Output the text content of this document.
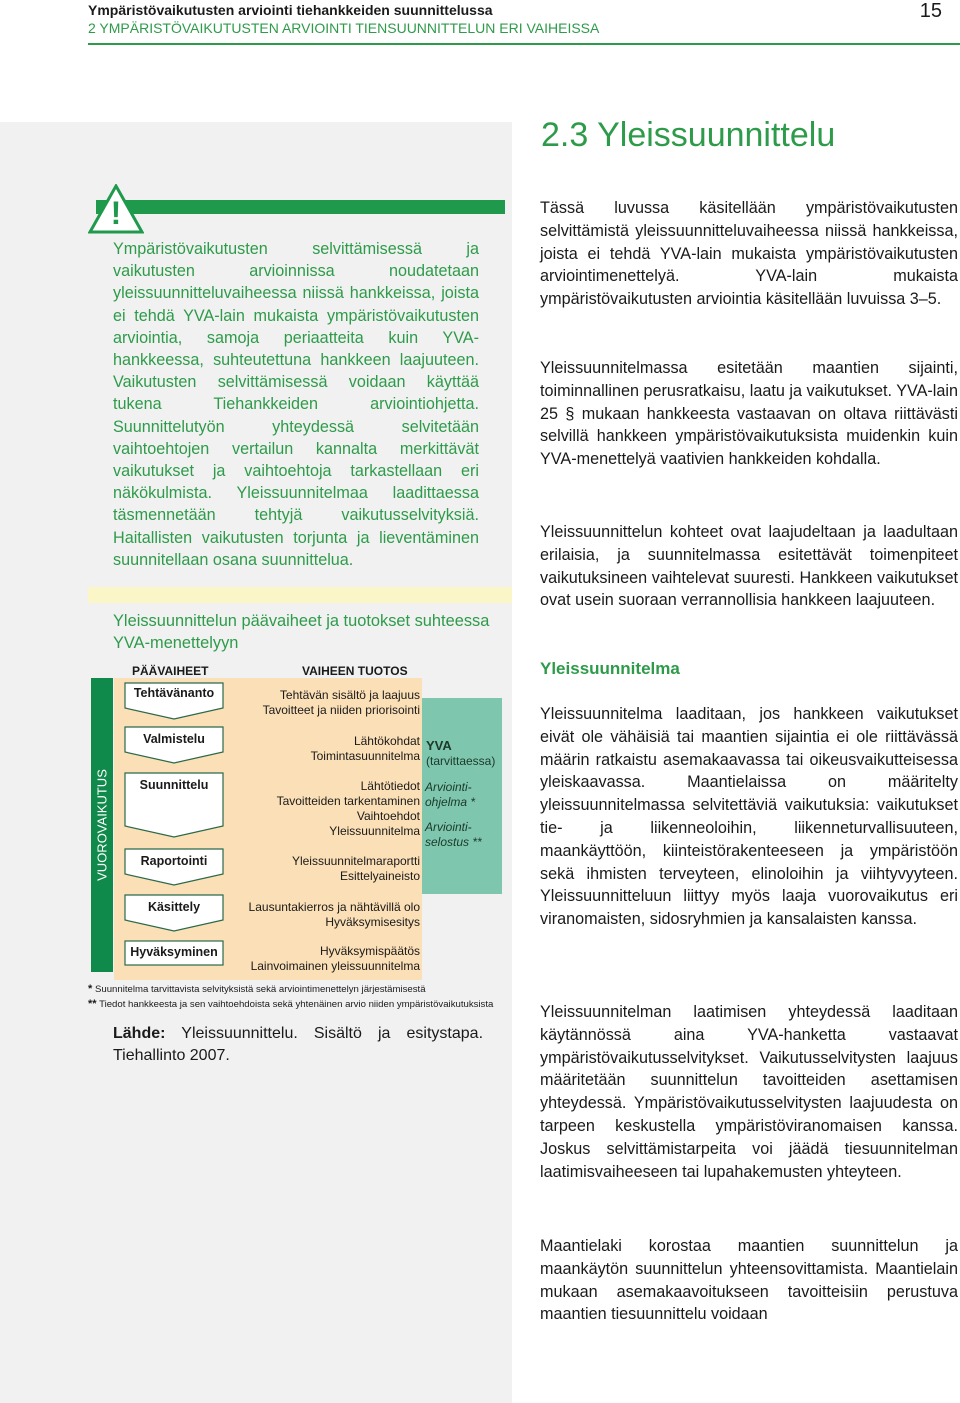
Ympäristövaikutusten arviointi tiehankkeiden suunnittelussa
2 YMPÄRISTÖVAIKUTUSTEN ARVIOINTI TIENSUUNNITTELUN ERI VAIHEISSA
15
2.3 Yleissuunnittelu
!
Ympäristövaikutusten selvittämisessä ja vaikutusten arvioinnissa noudatetaan yleissuunnitteluvaiheessa niissä hankkeissa, joista ei tehdä YVA-lain mukaista ympäristövaikutusten arviointia, samoja periaatteita kuin YVA-hankkeessa, suhteutettuna hankkeen laajuuteen. Vaikutusten selvittämisessä voidaan käyttää tukena Tiehankkeiden arviointiohjetta. Suunnittelutyön yhteydessä selvitetään vaihtoehtojen vertailun kannalta merkittävät vaikutukset ja vaihtoehtoja tarkastellaan eri näkökulmista. Yleissuunnitelmaa laadittaessa täsmennetään tehtyjä vaikutusselvityksiä. Haitallisten vaikutusten torjunta ja lieventäminen suunnitellaan osana suunnittelua.
Yleissuunnittelun päävaiheet ja tuotokset suhteessa YVA-menettelyyn
PÄÄVAIHEET	VAIHEEN TUOTOS
VUOROVAIKUTUS
YVA
(tarvittaessa)
Arviointi-
ohjelma *
Arviointi-
selostus **
Tehtävänanto	Tehtävän sisältö ja laajuus
Tavoitteet ja niiden priorisointi
Valmistelu	Lähtökohdat
Toimintasuunnitelma
Suunnittelu	Lähtötiedot
Tavoitteiden tarkentaminen
Vaihtoehdot
Yleissuunnitelma
Raportointi	Yleissuunnitelmaraportti
Esittelyaineisto
Käsittely	Lausuntakierros ja nähtävillä olo
Hyväksymisesitys
Hyväksyminen	Hyväksymispäätös
Lainvoimainen yleissuunnitelma
* Suunnitelma tarvittavista selvityksistä sekä arviointimenettelyn järjestämisestä
** Tiedot hankkeesta ja sen vaihtoehdoista sekä yhtenäinen arvio niiden ympäristövaikutuksista
Lähde: Yleissuunnittelu. Sisältö ja esitystapa. Tiehallinto 2007.
Tässä luvussa käsitellään ympäristövaikutusten selvittämistä yleissuunnitteluvaiheessa niissä hankkeissa, joista ei tehdä YVA-lain mukaista ympäristövaikutusten arviointimenettelyä. YVA-lain mukaista ympäristövaikutusten arviointia käsitellään luvuissa 3–5.
Yleissuunnitelmassa esitetään maantien sijainti, toiminnallinen perusratkaisu, laatu ja vaikutukset. YVA-lain 25 § mukaan hankkeesta vastaavan on oltava riittävästi selvillä hankkeen ympäristövaikutuksista muidenkin kuin YVA-menettelyä vaativien hankkeiden kohdalla.
Yleissuunnittelun kohteet ovat laajudeltaan ja laadultaan erilaisia, ja suunnitelmassa esitettävät toimenpiteet vaikutuksineen vaihtelevat suuresti. Hankkeen vaikutukset ovat usein suoraan verrannollisia hankkeen laajuuteen.
Yleissuunnitelma
Yleissuunnitelma laaditaan, jos hankkeen vaikutukset eivät ole vähäisiä tai maantien sijaintia ei ole riittävässä määrin ratkaistu asemakaavassa tai oikeusvaikutteisessa yleiskaavassa. Maantielaissa on määritelty yleissuunnitelmassa selvitettäviä vaikutuksia: vaikutukset tie- ja liikenneoloihin, liikenneturvallisuuteen, maankäyttöön, kiinteistörakenteeseen ja ympäristöön sekä ihmisten terveyteen, elinoloihin ja viihtyvyyteen. Yleissuunnitteluun liittyy myös laaja vuorovaikutus eri viranomaisten, sidosryhmien ja kansalaisten kanssa.
Yleissuunnitelman laatimisen yhteydessä laaditaan käytännössä aina YVA-hanketta vastaavat ympäristövaikutusselvitykset. Vaikutusselvitysten laajuus määritetään suunnittelun tavoitteiden asettamisen yhteydessä. Ympäristövaikutusselvitysten laajuudesta on tarpeen keskustella ympäristöviranomaisen kanssa. Joskus selvittämistarpeita voi jäädä tiesuunnitelman laatimisvaiheeseen tai lupahakemusten yhteyteen.
Maantielaki korostaa maantien suunnittelun ja maankäytön suunnittelun yhteensovittamista. Maantielain mukaan asemakaavoitukseen tavoitteisiin perustuva maantien tiesuunnittelu voidaan
